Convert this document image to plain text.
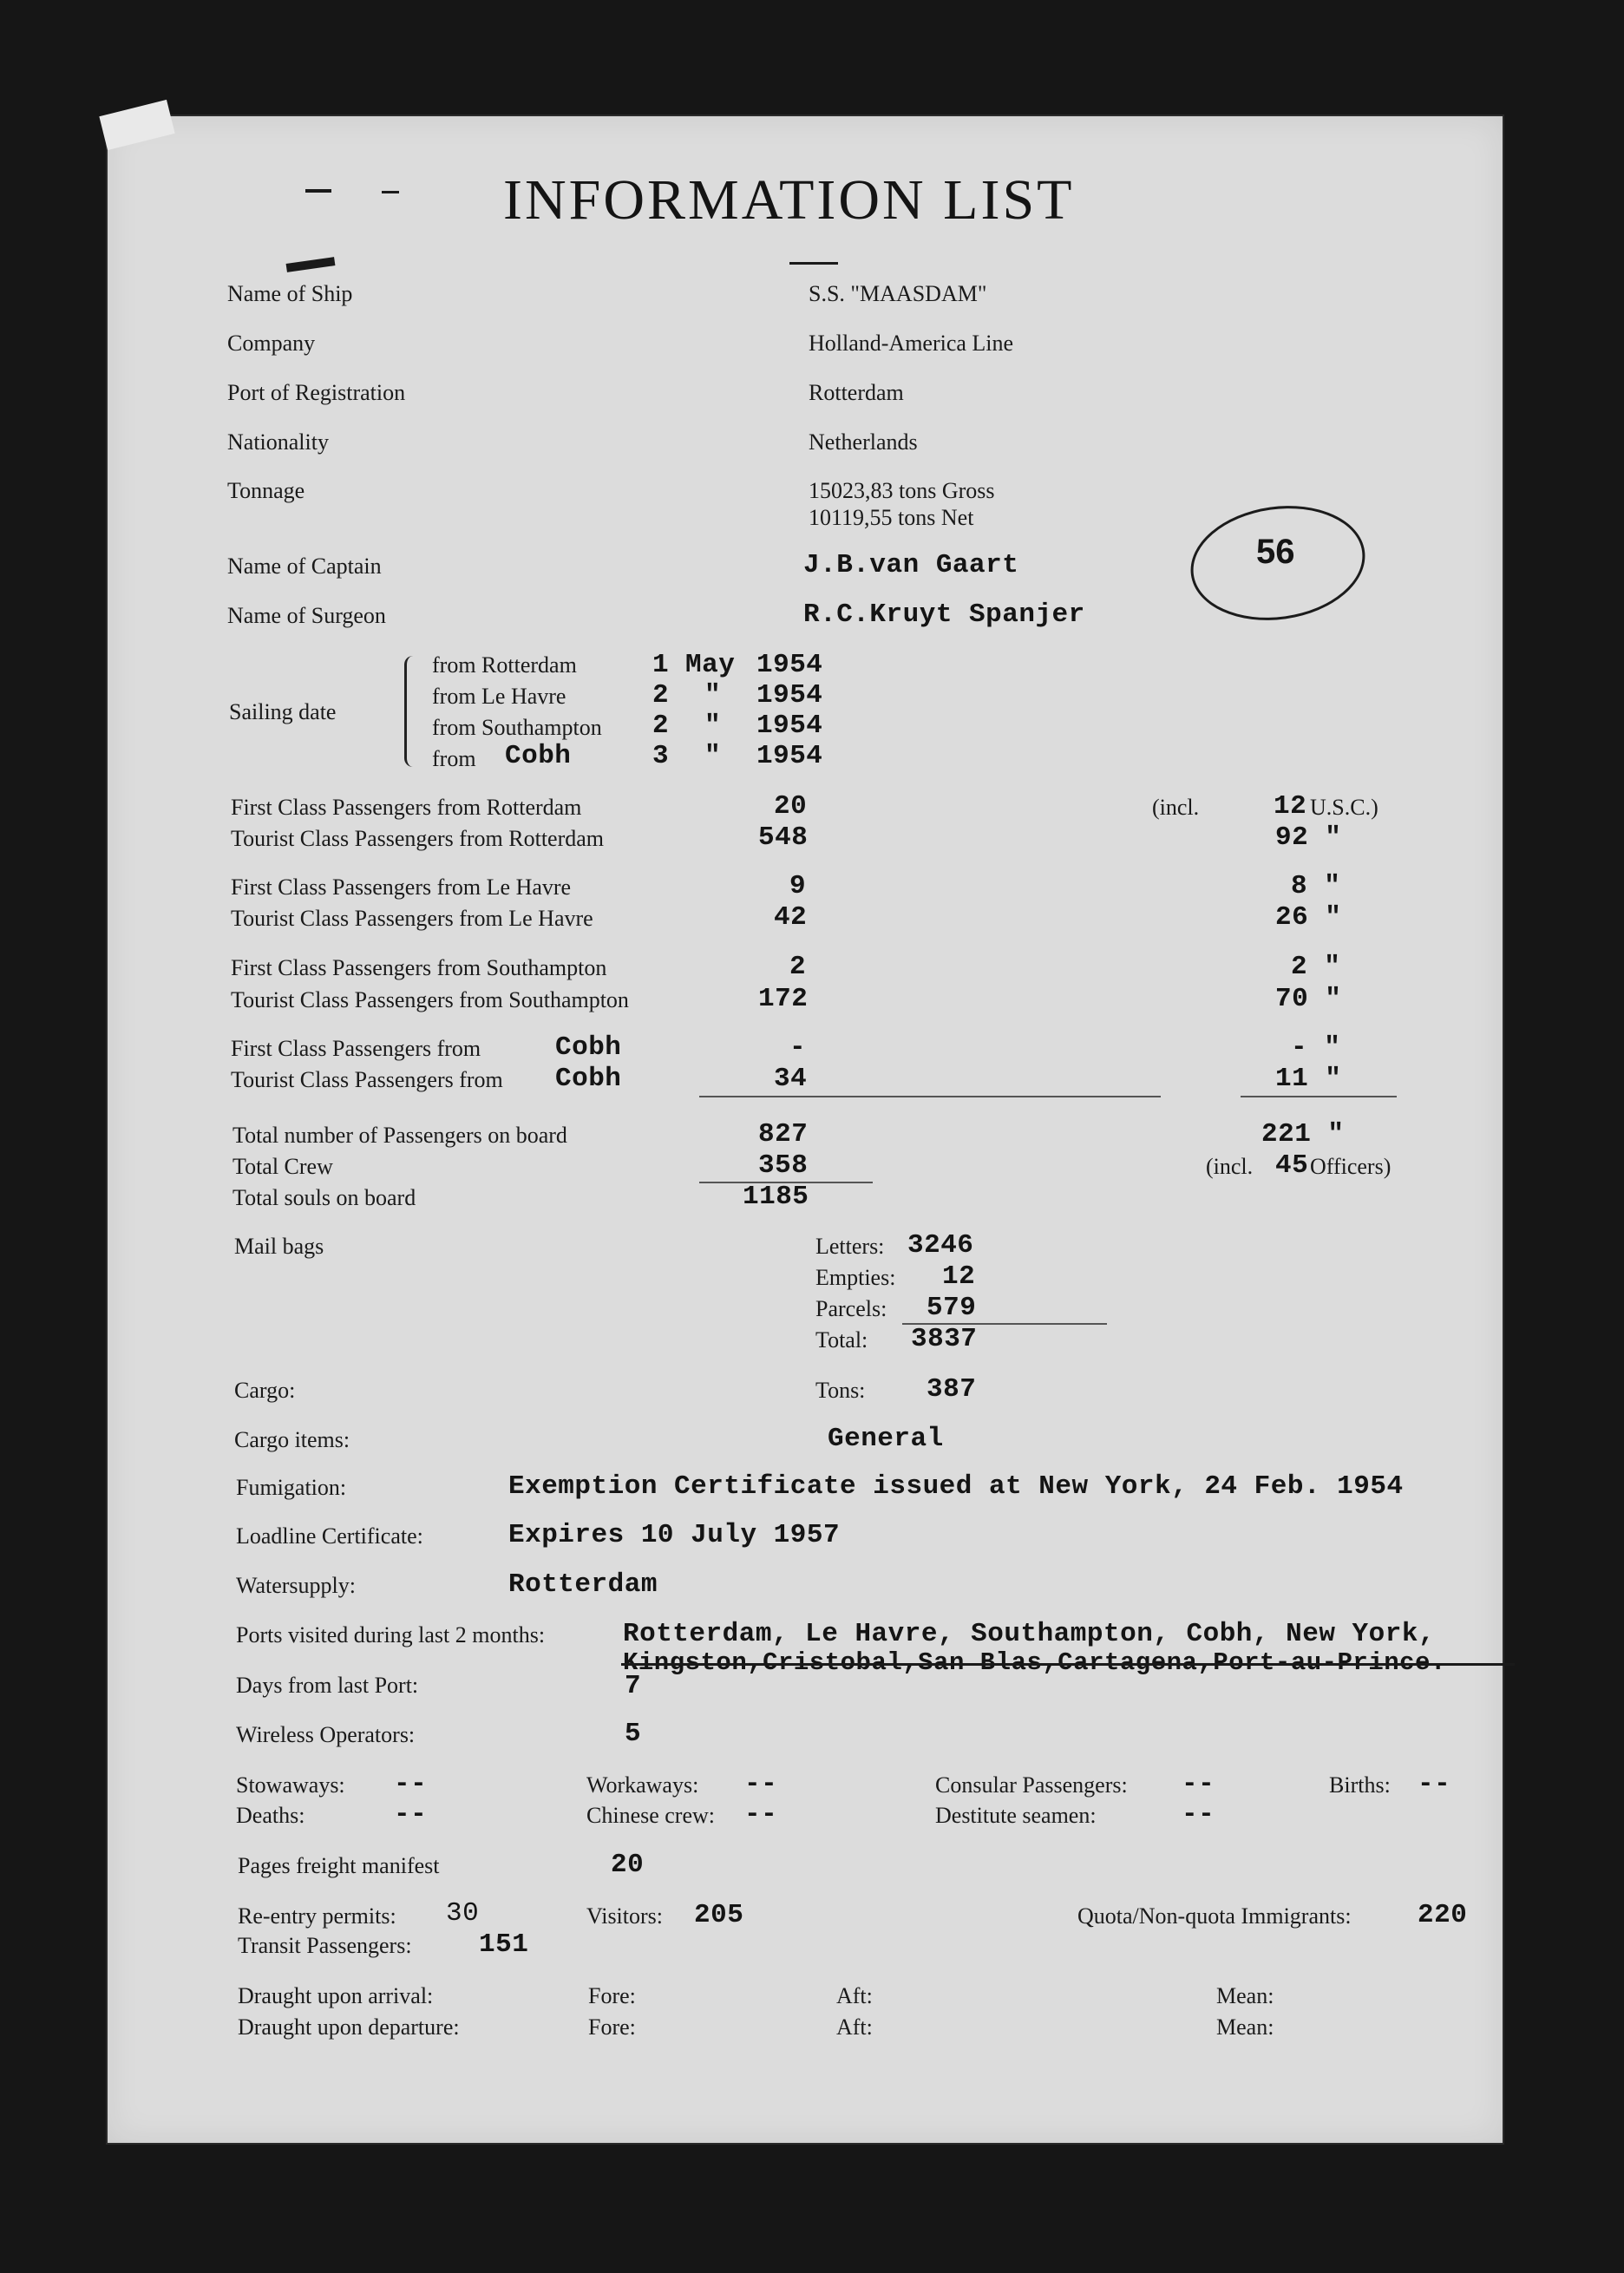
INFORMATION LIST
56
Name of Ship	S.S. "MAASDAM"
Company	Holland-America Line
Port of Registration	Rotterdam
Nationality	Netherlands
Tonnage	15023,83 tons Gross
10119,55 tons Net
Name of Captain	J.B.van Gaart
Name of Surgeon	R.C.Kruyt Spanjer
Sailing date
from Rotterdam	1 May 1954
from Le Havre	2 " 1954
from Southampton 2 " 1954
from Cobh	3 " 1954
First Class Passengers from Rotterdam	20	(incl.	12 U.S.C.)
Tourist Class Passengers from Rotterdam	548	92 "
First Class Passengers from Le Havre	9	8 "
Tourist Class Passengers from Le Havre	42	26 "
First Class Passengers from Southampton	2	2 "
Tourist Class Passengers from Southampton	172	70 "
First Class Passengers from	Cobh	-	- "
Tourist Class Passengers from Cobh	34	11 "
Total number of Passengers on board	827	221 "
Total Crew	358	(incl. 45 Officers)
Total souls on board	1185
Mail bags	Letters: 3246
Empties: 12
Parcels: 579
Total: 3837
Cargo:	Tons: 387
Cargo items:	General
Fumigation:	Exemption Certificate issued at New York, 24 Feb. 1954
Loadline Certificate:	Expires 10 July 1957
Watersupply:	Rotterdam
Ports visited during last 2 months:	Rotterdam, Le Havre, Southampton, Cobh, New York,
Kingston,Cristobal,San Blas,Cartagena,Port-au-Prince.
Days from last Port:	7
Wireless Operators:	5
Stowaways: --	Workaways: --	Consular Passengers: --	Births: --
Deaths:	--	Chinese crew: --	Destitute seamen:	--
Pages freight manifest	20
Re-entry permits: 30	Visitors: 205	Quota/Non-quota Immigrants: 220
Transit Passengers: 151
Draught upon arrival:	Fore:	Aft:	Mean:
Draught upon departure:	Fore:	Aft:	Mean:
